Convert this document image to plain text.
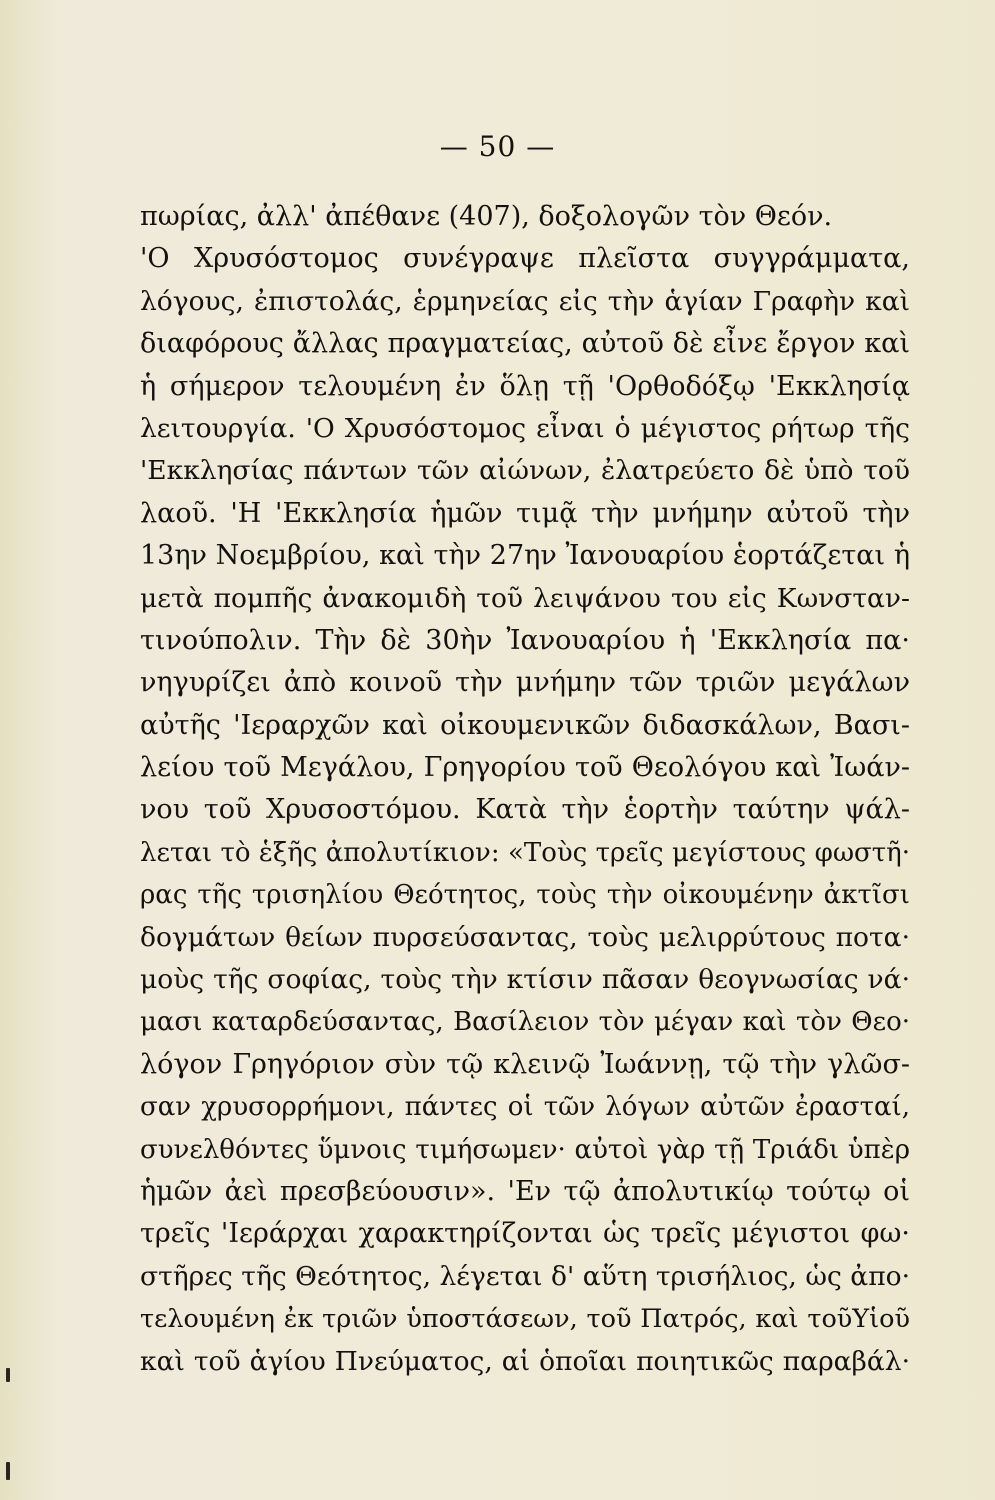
— 50 —
πωρίας, ἀλλ' ἀπέθανε (407), δοξολογῶν τὸν Θεόν.
'Ο Χρυσόστομος συνέγραψε πλεῖστα συγγράμματα,
λόγους, ἐπιστολάς, ἑρμηνείας εἰς τὴν ἁγίαν Γραφὴν καὶ
διαφόρους ἄλλας πραγματείας, αὐτοῦ δὲ εἶνε ἔργον καὶ
ἡ σήμερον τελουμένη ἐν ὅλῃ τῇ 'Ορθοδόξῳ 'Εκκλησίᾳ
λειτουργία. 'Ο Χρυσόστομος εἶναι ὁ μέγιστος ρήτωρ τῆς
'Εκκλησίας πάντων τῶν αἰώνων, ἐλατρεύετο δὲ ὑπὸ τοῦ
λαοῦ. 'Η 'Εκκλησία ἡμῶν τιμᾷ τὴν μνήμην αὐτοῦ τὴν
13ην Νοεμβρίου, καὶ τὴν 27ην Ἰανουαρίου ἑορτάζεται ἡ
μετὰ πομπῆς ἀνακομιδὴ τοῦ λειψάνου του εἰς Κωνσταν-
τινούπολιν. Τὴν δὲ 30ὴν Ἰανουαρίου ἡ 'Εκκλησία πα·
νηγυρίζει ἀπὸ κοινοῦ τὴν μνήμην τῶν τριῶν μεγάλων
αὐτῆς 'Ιεραρχῶν καὶ οἰκουμενικῶν διδασκάλων, Βασι-
λείου τοῦ Μεγάλου, Γρηγορίου τοῦ Θεολόγου καὶ Ἰωάν-
νου τοῦ Χρυσοστόμου. Κατὰ τὴν ἑορτὴν ταύτην ψάλ-
λεται τὸ ἑξῆς ἀπολυτίκιον: «Τοὺς τρεῖς μεγίστους φωστῆ·
ρας τῆς τρισηλίου Θεότητος, τοὺς τὴν οἰκουμένην ἀκτῖσι
δογμάτων θείων πυρσεύσαντας, τοὺς μελιρρύτους ποτα·
μοὺς τῆς σοφίας, τοὺς τὴν κτίσιν πᾶσαν θεογνωσίας νά·
μασι καταρδεύσαντας, Βασίλειον τὸν μέγαν καὶ τὸν Θεο·
λόγον Γρηγόριον σὺν τῷ κλεινῷ Ἰωάννῃ, τῷ τὴν γλῶσ-
σαν χρυσορρήμονι, πάντες οἱ τῶν λόγων αὐτῶν ἐρασταί,
συνελθόντες ὕμνοις τιμήσωμεν· αὐτοὶ γὰρ τῇ Τριάδι ὑπὲρ
ἡμῶν ἀεὶ πρεσβεύουσιν». 'Εν τῷ ἀπολυτικίῳ τούτῳ οἱ
τρεῖς 'Ιεράρχαι χαρακτηρίζονται ὡς τρεῖς μέγιστοι φω·
στῆρες τῆς Θεότητος, λέγεται δ' αὕτη τρισήλιος, ὡς ἀπο·
τελουμένη ἐκ τριῶν ὑποστάσεων, τοῦ Πατρός, καὶ τοῦΥἱοῦ
καὶ τοῦ ἁγίου Πνεύματος, αἱ ὁποῖαι ποιητικῶς παραβάλ·
